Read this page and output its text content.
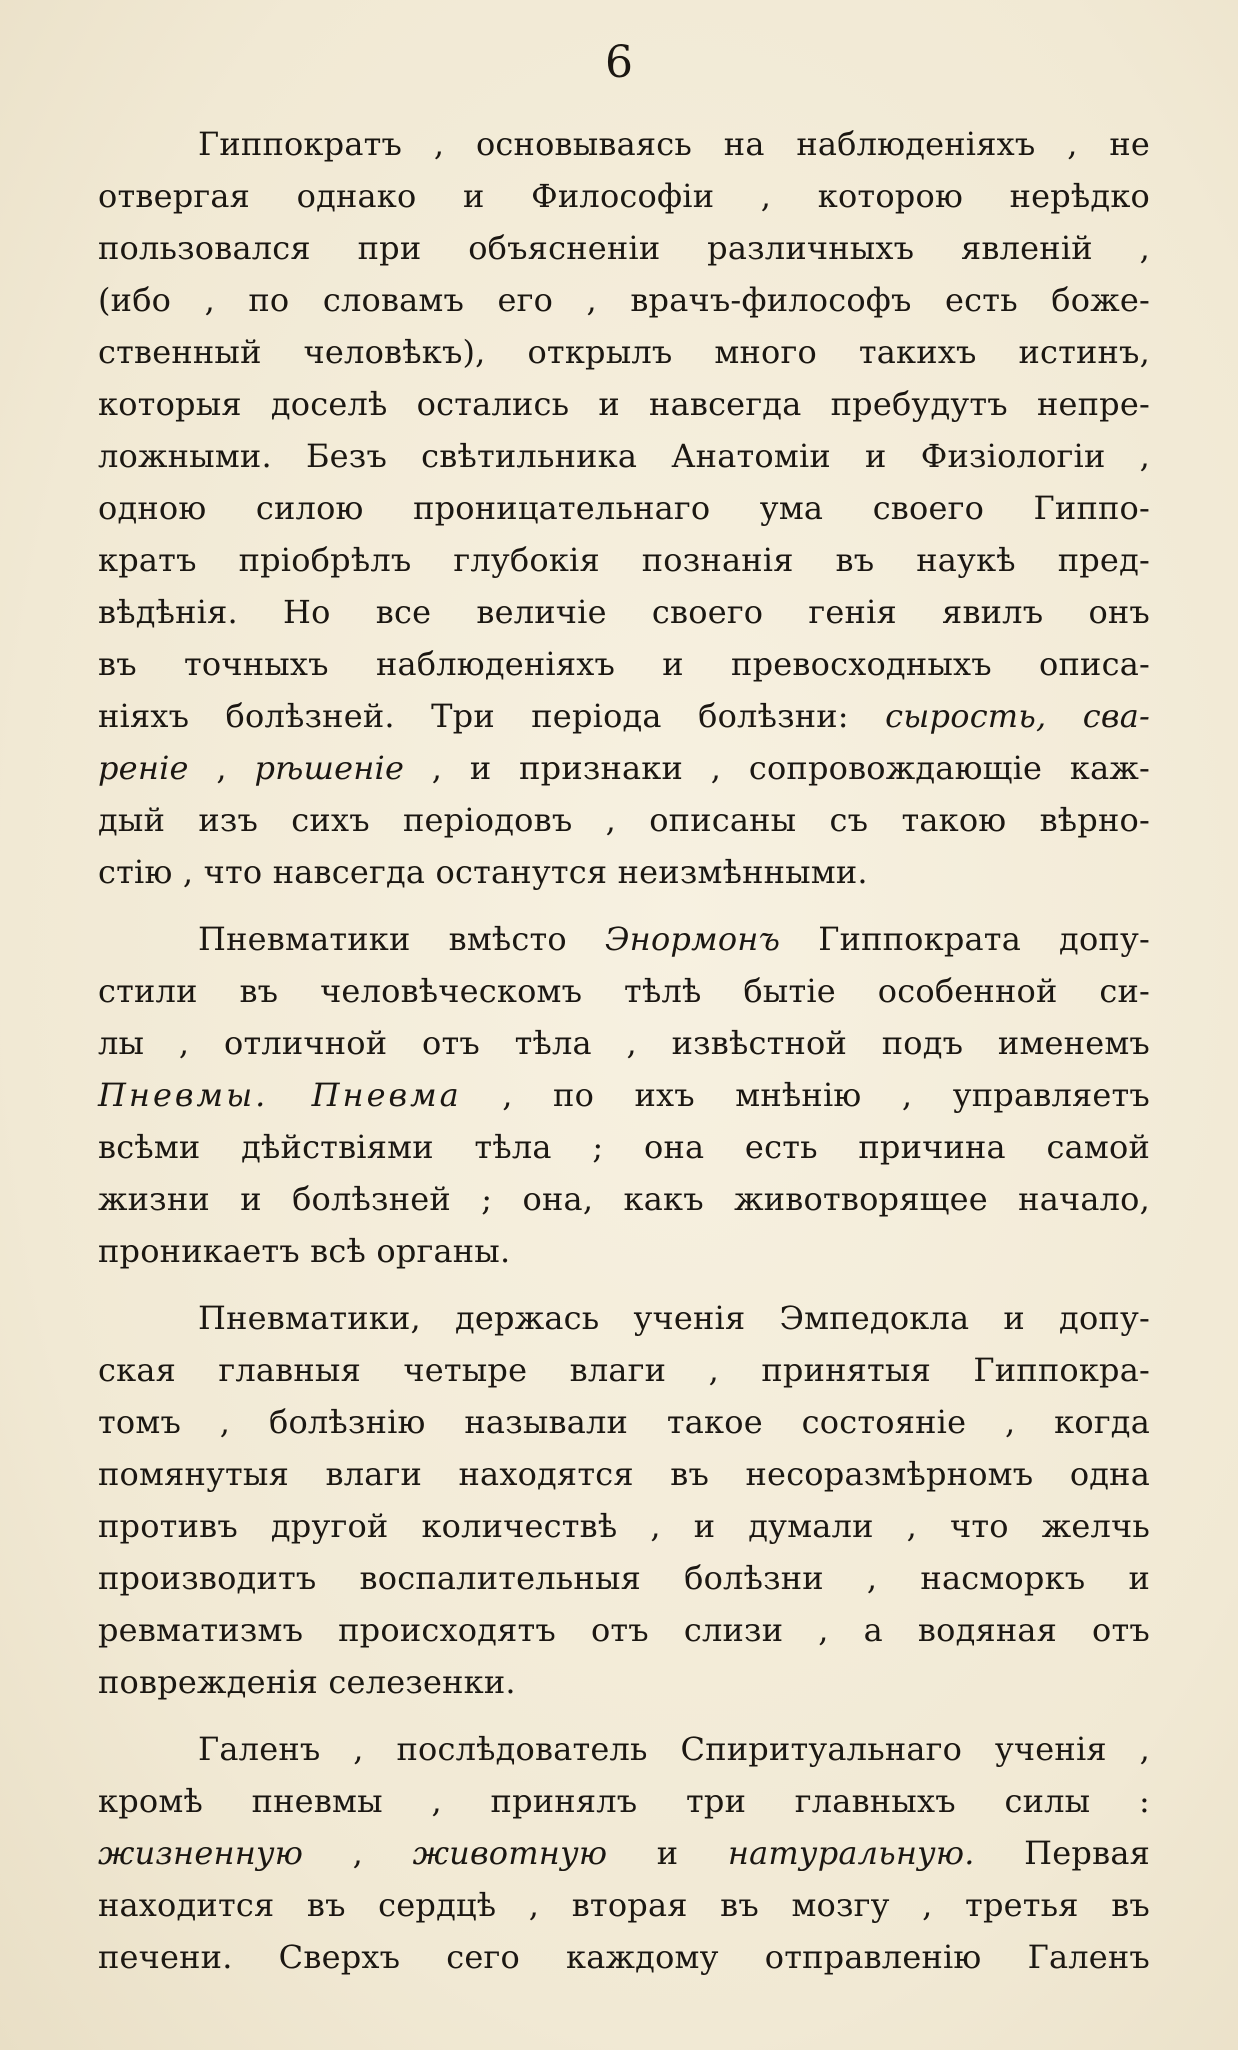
6
Гиппократъ , основываясь на наблюденіяхъ , не
отвергая однако и Философіи , которою нерѣдко
пользовался при объясненіи различныхъ явленій ,
(ибо , по словамъ его , врачъ-философъ есть боже-
ственный человѣкъ), открылъ много такихъ истинъ,
которыя доселѣ остались и навсегда пребудутъ непре-
ложными. Безъ свѣтильника Анатоміи и Физіологіи ,
одною силою проницательнаго ума своего Гиппо-
кратъ пріобрѣлъ глубокія познанія въ наукѣ пред-
вѣдѣнія. Но все величіе своего генія явилъ онъ
въ точныхъ наблюденіяхъ и превосходныхъ описа-
ніяхъ болѣзней. Три періода болѣзни: сырость, сва-
реніе , рѣшеніе , и признаки , сопровождающіе каж-
дый изъ сихъ періодовъ , описаны съ такою вѣрно-
стію , что навсегда останутся неизмѣнными.
Пневматики вмѣсто Энормонъ Гиппократа допу-
стили въ человѣческомъ тѣлѣ бытіе особенной си-
лы , отличной отъ тѣла , извѣстной подъ именемъ
Пневмы. Пневма , по ихъ мнѣнію , управляетъ
всѣми дѣйствіями тѣла ; она есть причина самой
жизни и болѣзней ; она, какъ животворящее начало,
проникаетъ всѣ органы.
Пневматики, держась ученія Эмпедокла и допу-
ская главныя четыре влаги , принятыя Гиппокра-
томъ , болѣзнію называли такое состояніе , когда
помянутыя влаги находятся въ несоразмѣрномъ одна
противъ другой количествѣ , и думали , что желчь
производитъ воспалительныя болѣзни , насморкъ и
ревматизмъ происходятъ отъ слизи , а водяная отъ
поврежденія селезенки.
Галенъ , послѣдователь Спиритуальнаго ученія ,
кромѣ пневмы , принялъ три главныхъ силы :
жизненную , животную и натуральную. Первая
находится въ сердцѣ , вторая въ мозгу , третья въ
печени. Сверхъ сего каждому отправленію Галенъ
